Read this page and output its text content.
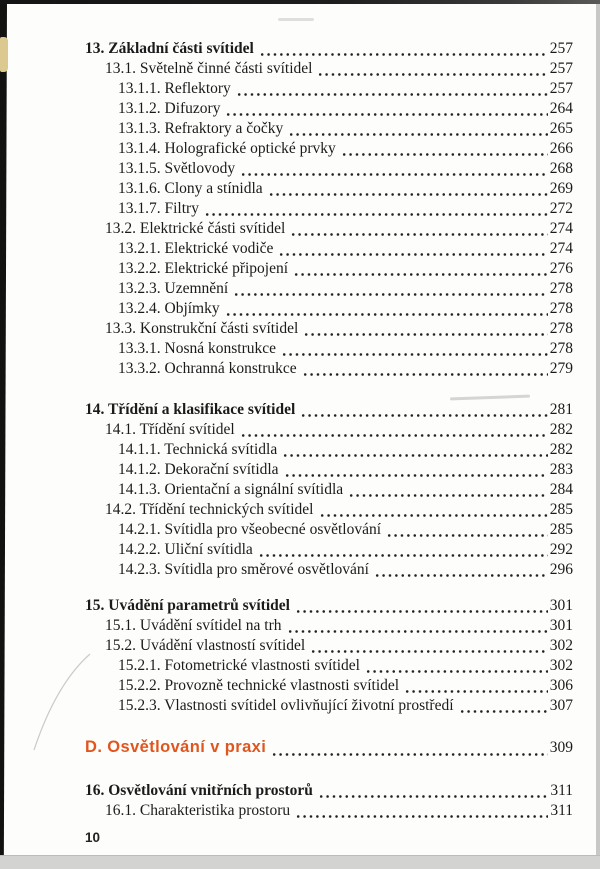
13. Základní části svítidel	257
13.1. Světelně činné části svítidel	257
13.1.1. Reflektory	257
13.1.2. Difuzory	264
13.1.3. Refraktory a čočky	265
13.1.4. Holografické optické prvky	266
13.1.5. Světlovody	268
13.1.6. Clony a stínidla	269
13.1.7. Filtry	272
13.2. Elektrické části svítidel	274
13.2.1. Elektrické vodiče	274
13.2.2. Elektrické připojení	276
13.2.3. Uzemnění	278
13.2.4. Objímky	278
13.3. Konstrukční části svítidel	278
13.3.1. Nosná konstrukce	278
13.3.2. Ochranná konstrukce	279
14. Třídění a klasifikace svítidel	281
14.1. Třídění svítidel	282
14.1.1. Technická svítidla	282
14.1.2. Dekorační svítidla	283
14.1.3. Orientační a signální svítidla	284
14.2. Třídění technických svítidel	285
14.2.1. Svítidla pro všeobecné osvětlování	285
14.2.2. Uliční svítidla	292
14.2.3. Svítidla pro směrové osvětlování	296
15. Uvádění parametrů svítidel	301
15.1. Uvádění svítidel na trh	301
15.2. Uvádění vlastností svítidel	302
15.2.1. Fotometrické vlastnosti svítidel	302
15.2.2. Provozně technické vlastnosti svítidel	306
15.2.3. Vlastnosti svítidel ovlivňující životní prostředí	307
D. Osvětlování v praxi	309
16. Osvětlování vnitřních prostorů	311
16.1. Charakteristika prostoru	311
10
